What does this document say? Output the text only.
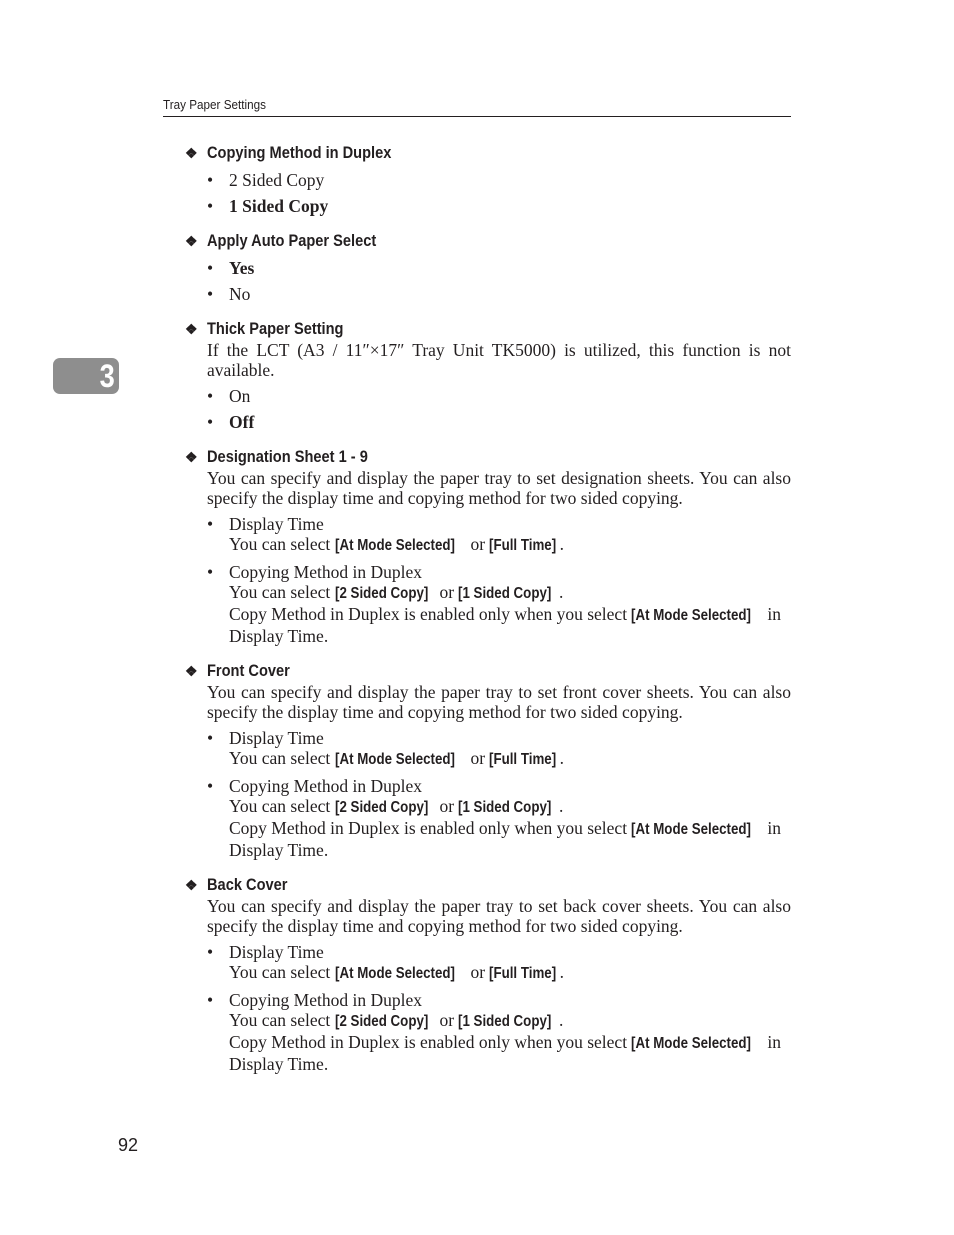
Tray Paper Settings
3
❖ Copying Method in Duplex
• 2 Sided Copy
• 1 Sided Copy
❖ Apply Auto Paper Select
• Yes
• No
❖ Thick Paper Setting
If the LCT (A3 / 11″×17″ Tray Unit TK5000) is utilized, this function is not available.
• On
• Off
❖ Designation Sheet 1 - 9
You can specify and display the paper tray to set designation sheets. You can also specify the display time and copying method for two sided copying.
• Display Time
You can select [At Mode Selected] or [Full Time] .
• Copying Method in Duplex
You can select [2 Sided Copy] or [1 Sided Copy] .
Copy Method in Duplex is enabled only when you select [At Mode Selected] in Display Time.
❖ Front Cover
You can specify and display the paper tray to set front cover sheets. You can also specify the display time and copying method for two sided copying.
• Display Time
You can select [At Mode Selected] or [Full Time] .
• Copying Method in Duplex
You can select [2 Sided Copy] or [1 Sided Copy] .
Copy Method in Duplex is enabled only when you select [At Mode Selected] in Display Time.
❖ Back Cover
You can specify and display the paper tray to set back cover sheets. You can also specify the display time and copying method for two sided copying.
• Display Time
You can select [At Mode Selected] or [Full Time] .
• Copying Method in Duplex
You can select [2 Sided Copy] or [1 Sided Copy] .
Copy Method in Duplex is enabled only when you select [At Mode Selected] in Display Time.
92
